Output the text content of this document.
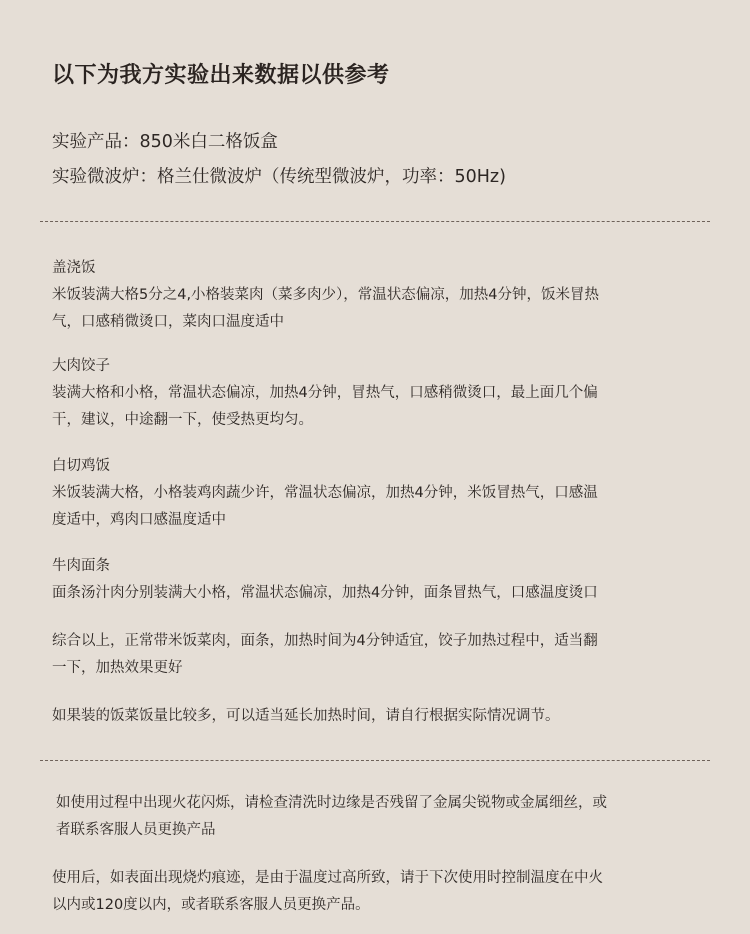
以下为我方实验出来数据以供参考
实验产品：850米白二格饭盒
实验微波炉：格兰仕微波炉（传统型微波炉，功率：50Hz)

盖浇饭

米饭装满大格5分之4,小格装菜肉（菜多肉少），常温状态偏凉，加热4分钟，饭米冒热

气，口感稍微烫口，菜肉口温度适中

大肉饺子

装满大格和小格，常温状态偏凉，加热4分钟，冒热气，口感稍微烫口，最上面几个偏

干，建议，中途翻一下，使受热更均匀。

白切鸡饭

米饭装满大格，小格装鸡肉蔬少许，常温状态偏凉，加热4分钟，米饭冒热气，口感温

度适中，鸡肉口感温度适中

牛肉面条

面条汤汁肉分别装满大小格，常温状态偏凉，加热4分钟，面条冒热气，口感温度烫口

综合以上，正常带米饭菜肉，面条，加热时间为4分钟适宜，饺子加热过程中，适当翻

一下，加热效果更好

如果装的饭菜饭量比较多，可以适当延长加热时间，请自行根据实际情况调节。

如使用过程中出现火花闪烁，请检查清洗时边缘是否残留了金属尖锐物或金属细丝，或

者联系客服人员更换产品

使用后，如表面出现烧灼痕迹，是由于温度过高所致，请于下次使用时控制温度在中火

以内或120度以内，或者联系客服人员更换产品。
